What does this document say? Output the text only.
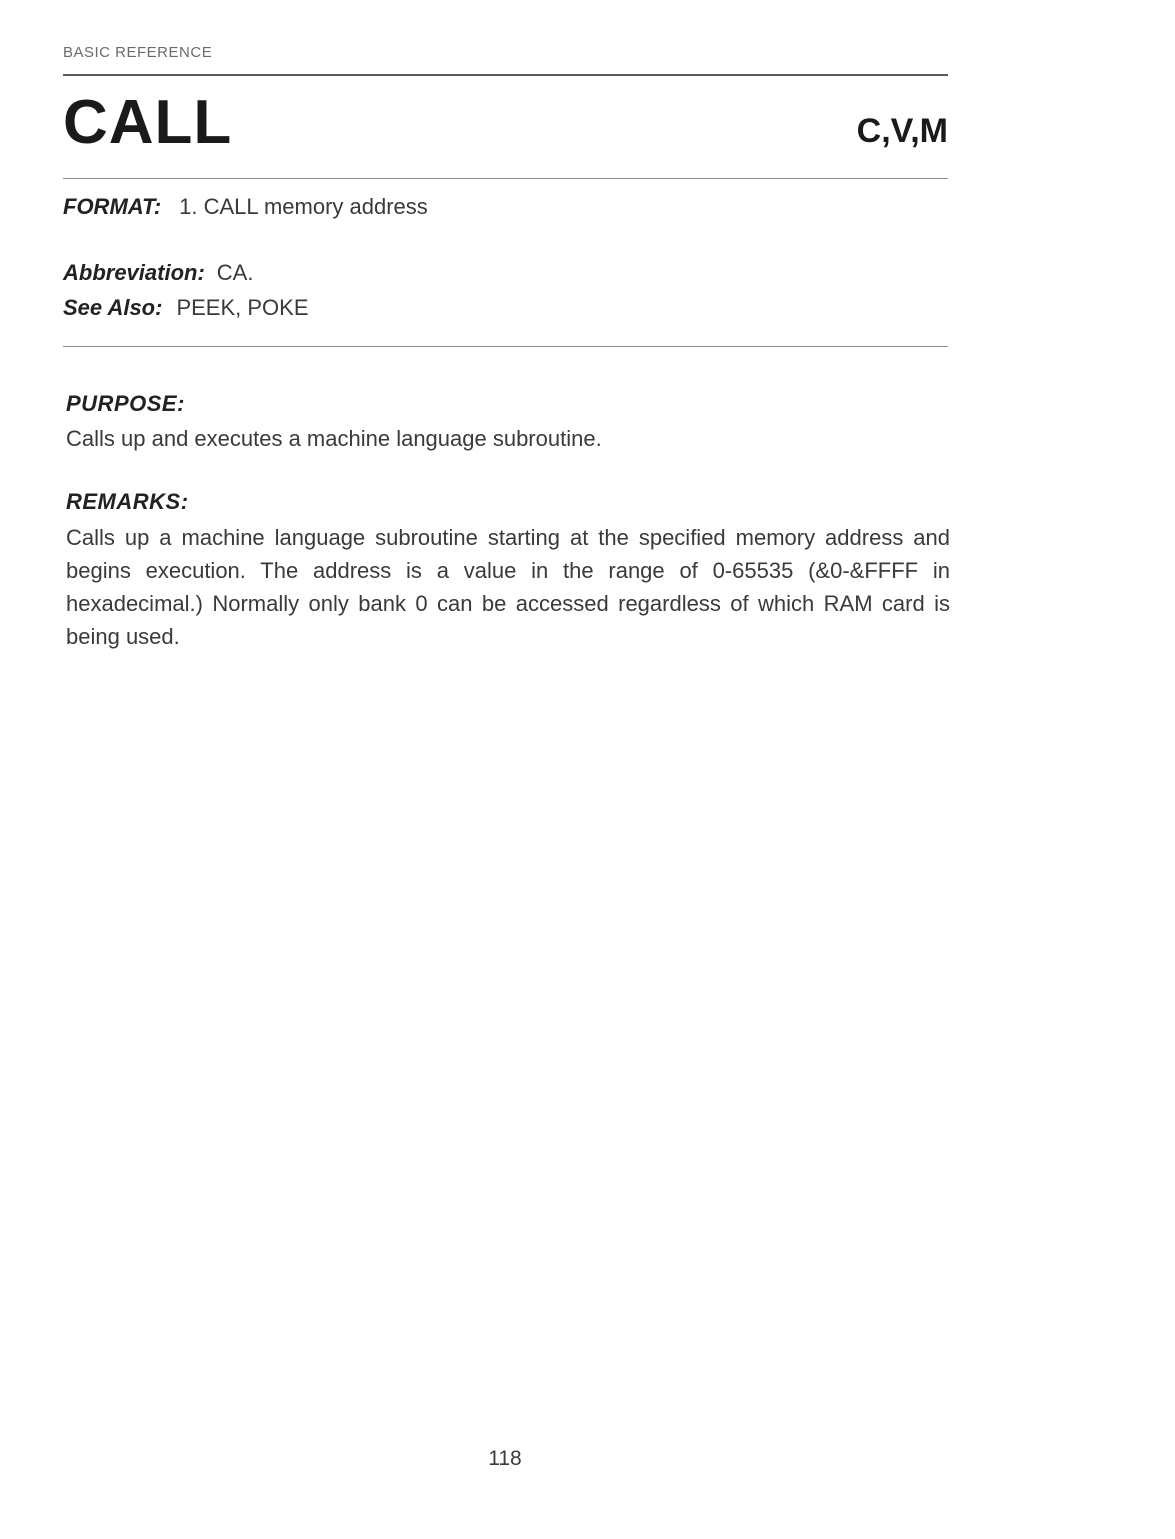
BASIC REFERENCE
CALL	C,V,M
FORMAT: 1. CALL memory address
Abbreviation: CA.
See Also: PEEK, POKE
PURPOSE:
Calls up and executes a machine language subroutine.
REMARKS:
Calls up a machine language subroutine starting at the specified memory address and begins execution. The address is a value in the range of 0-65535 (&0-&FFFF in hexadecimal.) Normally only bank 0 can be accessed regardless of which RAM card is being used.
118
